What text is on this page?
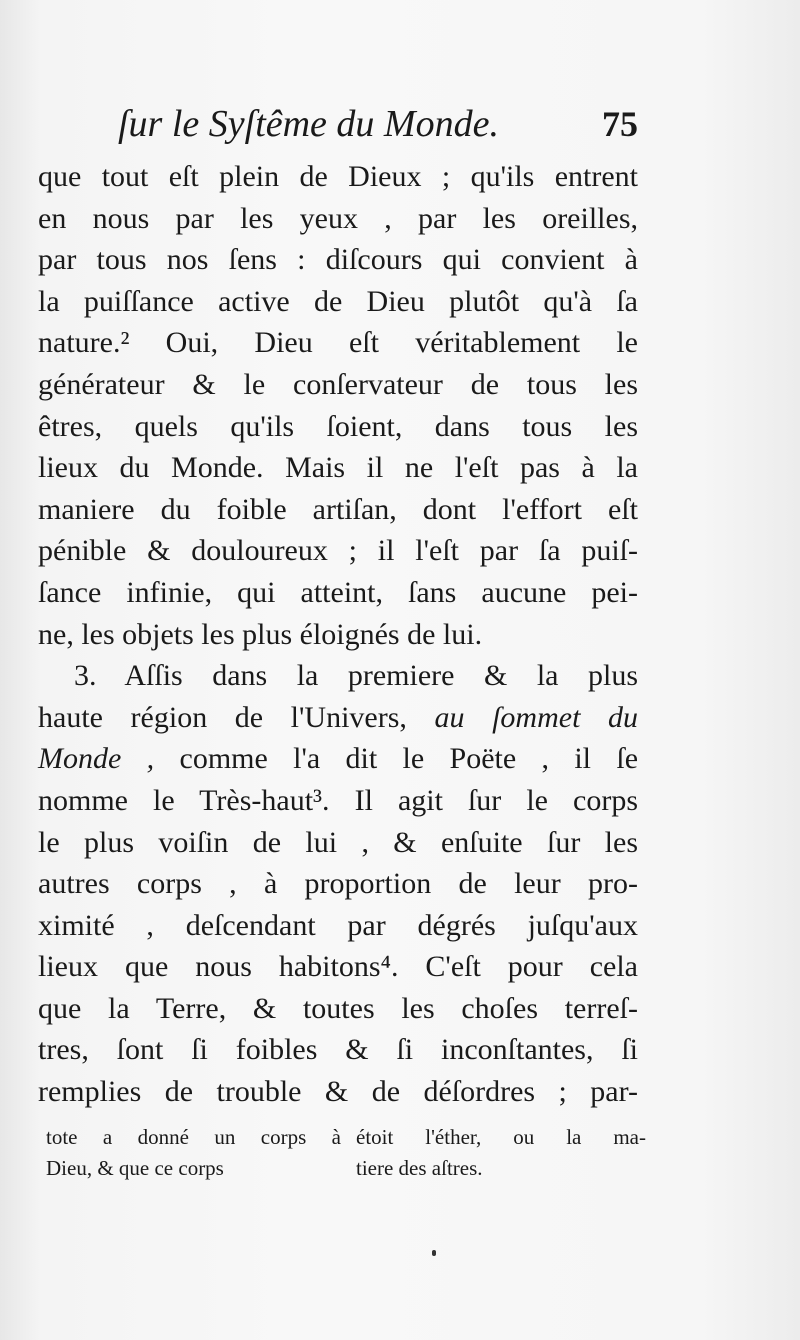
ſur le Syſtême du Monde.	75
que tout eſt plein de Dieux ; qu'ils entrent
en nous par les yeux , par les oreilles,
par tous nos ſens : diſcours qui convient à
la puiſſance active de Dieu plutôt qu'à ſa
nature.² Oui, Dieu eſt véritablement le
générateur & le conſervateur de tous les
êtres, quels qu'ils ſoient, dans tous les
lieux du Monde. Mais il ne l'eſt pas à la
maniere du foible artiſan, dont l'effort eſt
pénible & douloureux ; il l'eſt par ſa puiſ-
ſance infinie, qui atteint, ſans aucune pei-
ne, les objets les plus éloignés de lui.
3. Aſſis dans la premiere & la plus
haute région de l'Univers, au ſommet du
Monde , comme l'a dit le Poëte , il ſe
nomme le Très-haut³. Il agit ſur le corps
le plus voiſin de lui , & enſuite ſur les
autres corps , à proportion de leur pro-
ximité , deſcendant par dégrés juſqu'aux
lieux que nous habitons⁴. C'eſt pour cela
que la Terre, & toutes les choſes terreſ-
tres, ſont ſi foibles & ſi inconſtantes, ſi
remplies de trouble & de déſordres ; par-
tote a donné un corps à
Dieu, & que ce corps
étoit l'éther, ou la ma-
tiere des aſtres.
